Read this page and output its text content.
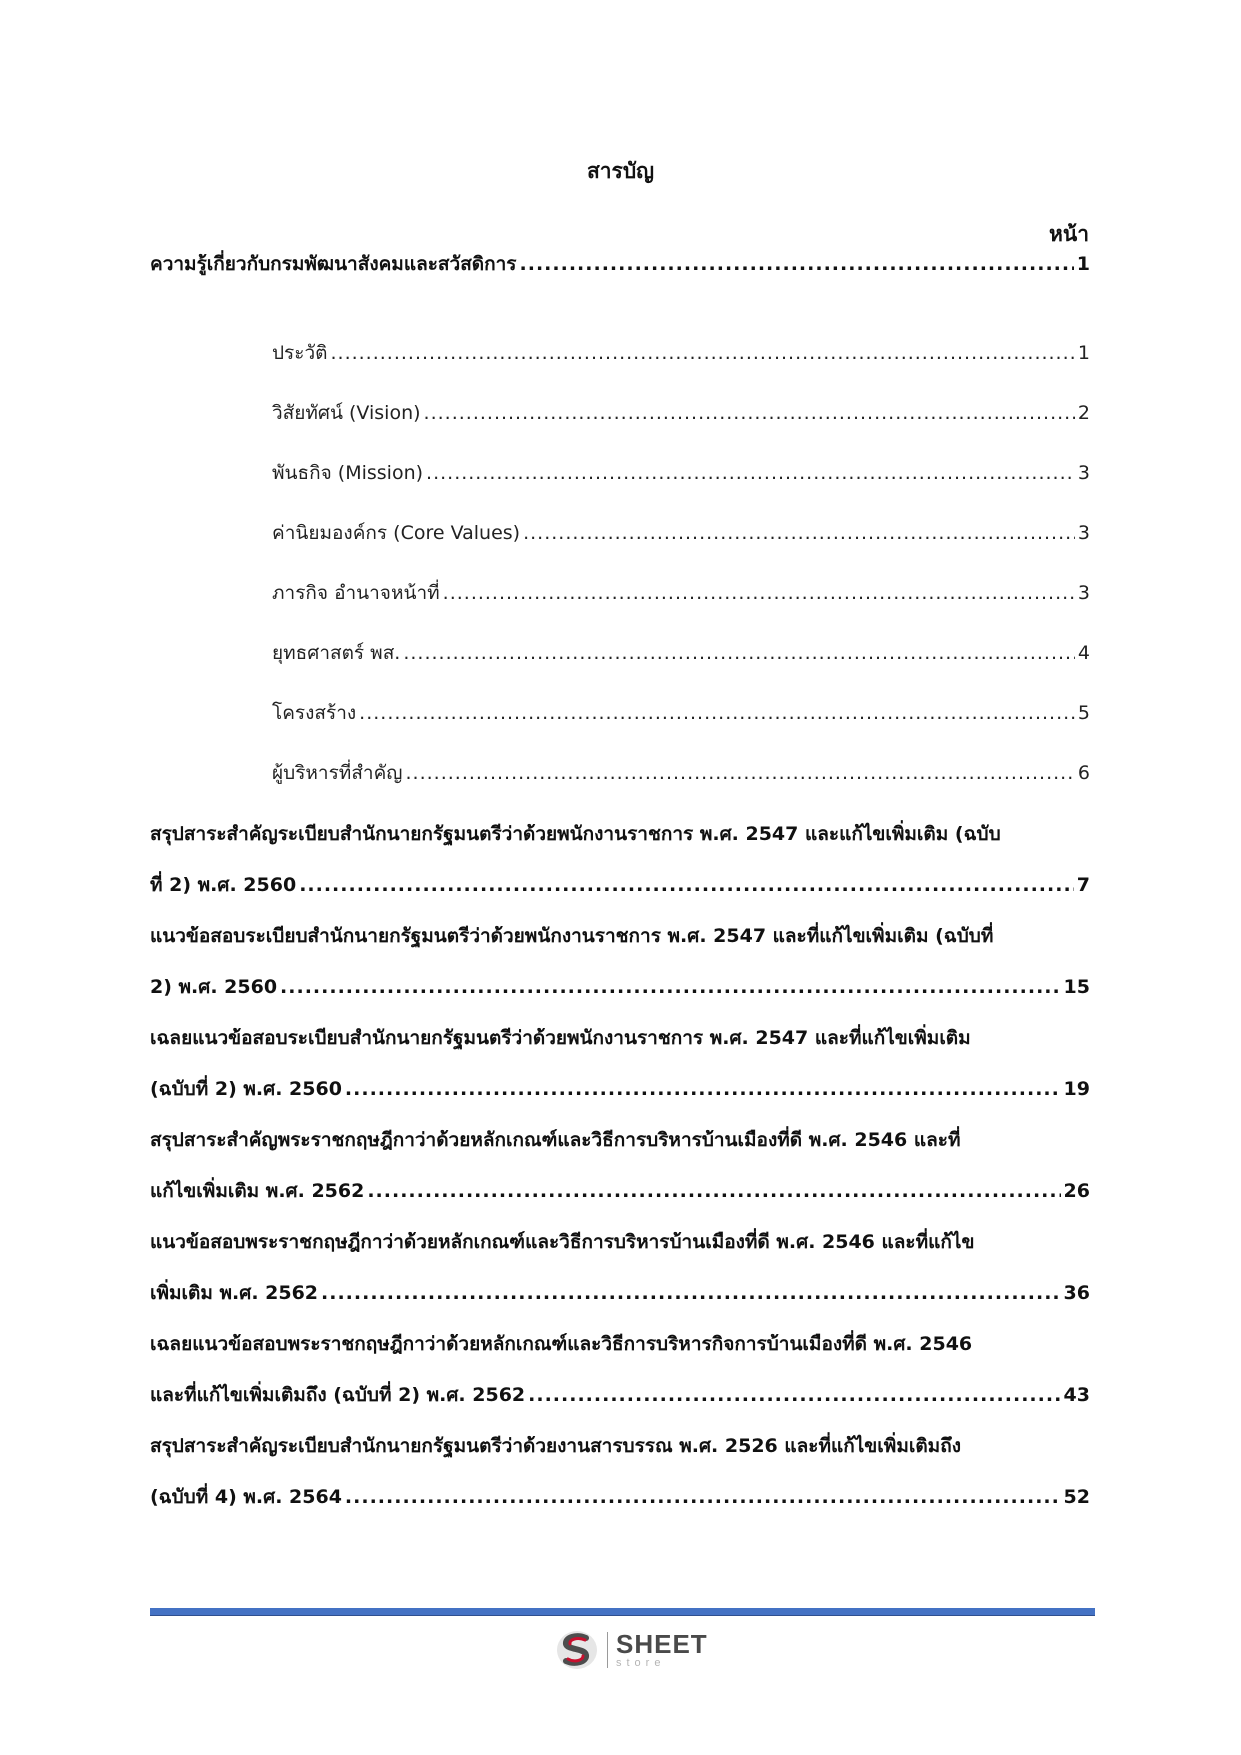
สารบัญ
หน้า
ความรู้เกี่ยวกับกรมพัฒนาสังคมและสวัสดิการ .....	1
ประวัติ .....	1
วิสัยทัศน์ (Vision) .....	2
พันธกิจ (Mission) .....	3
ค่านิยมองค์กร (Core Values) .....	3
ภารกิจ อำนาจหน้าที่ .....	3
ยุทธศาสตร์ พส. .....	4
โครงสร้าง .....	5
ผู้บริหารที่สำคัญ .....	6
สรุปสาระสำคัญระเบียบสำนักนายกรัฐมนตรีว่าด้วยพนักงานราชการ พ.ศ. 2547 และแก้ไขเพิ่มเติม (ฉบับ
ที่ 2) พ.ศ. 2560 .....	7
แนวข้อสอบระเบียบสำนักนายกรัฐมนตรีว่าด้วยพนักงานราชการ พ.ศ. 2547 และที่แก้ไขเพิ่มเติม (ฉบับที่
2) พ.ศ. 2560 .....	15
เฉลยแนวข้อสอบระเบียบสำนักนายกรัฐมนตรีว่าด้วยพนักงานราชการ พ.ศ. 2547 และที่แก้ไขเพิ่มเติม
(ฉบับที่ 2) พ.ศ. 2560 .....	19
สรุปสาระสำคัญพระราชกฤษฎีกาว่าด้วยหลักเกณฑ์และวิธีการบริหารบ้านเมืองที่ดี พ.ศ. 2546 และที่
แก้ไขเพิ่มเติม พ.ศ. 2562 .....	26
แนวข้อสอบพระราชกฤษฎีกาว่าด้วยหลักเกณฑ์และวิธีการบริหารบ้านเมืองที่ดี พ.ศ. 2546 และที่แก้ไข
เพิ่มเติม พ.ศ. 2562 .....	36
เฉลยแนวข้อสอบพระราชกฤษฎีกาว่าด้วยหลักเกณฑ์และวิธีการบริหารกิจการบ้านเมืองที่ดี พ.ศ. 2546
และที่แก้ไขเพิ่มเติมถึง (ฉบับที่ 2) พ.ศ. 2562 .....	43
สรุปสาระสำคัญระเบียบสำนักนายกรัฐมนตรีว่าด้วยงานสารบรรณ พ.ศ. 2526 และที่แก้ไขเพิ่มเติมถึง
(ฉบับที่ 4) พ.ศ. 2564 .....	52
SHEET
store
